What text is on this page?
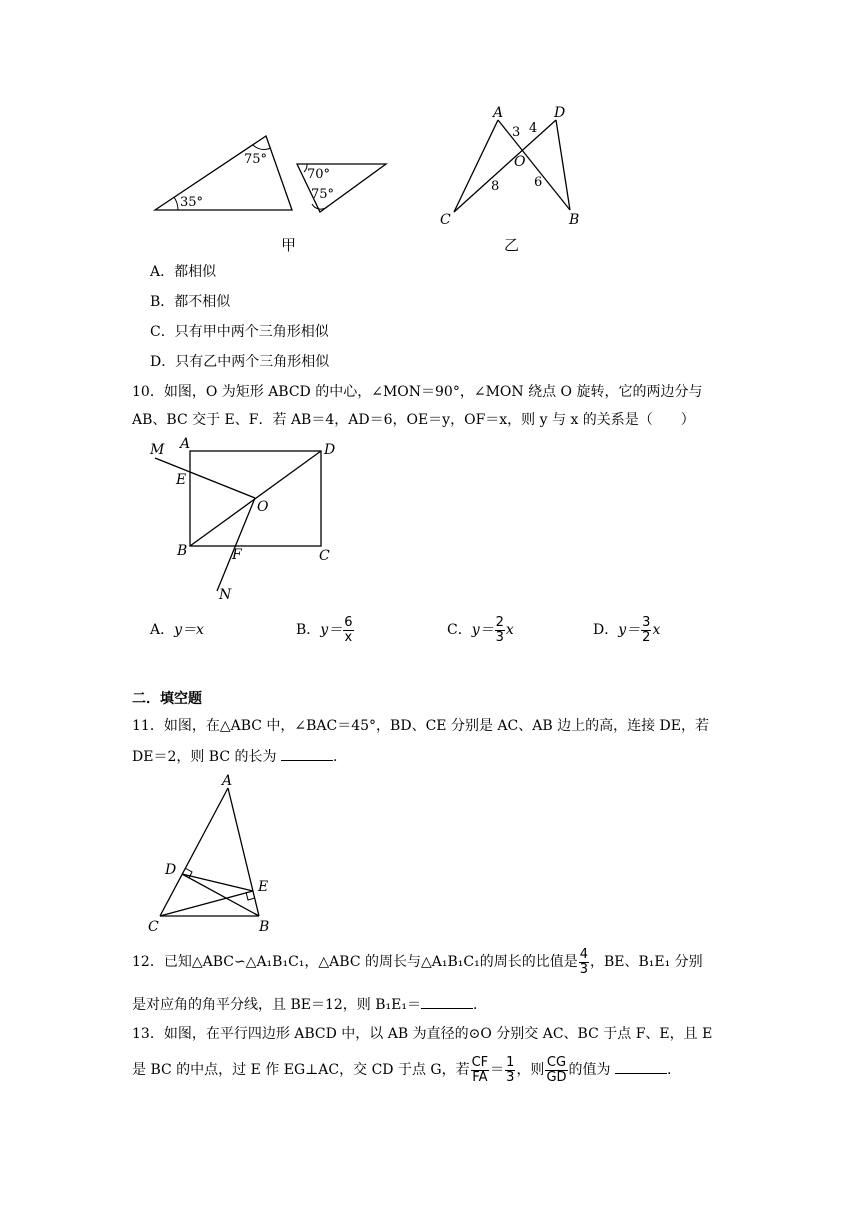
35°
75°
70°
75°
甲
A	D
3 4
O
8	6
C	B
乙
A．都相似
B．都不相似
C．只有甲中两个三角形相似
D．只有乙中两个三角形相似
10．如图，O 为矩形 ABCD 的中心，∠MON＝90°，∠MON 绕点 O 旋转，它的两边分与
AB、BC 交于 E、F．若 AB＝4，AD＝6，OE＝y，OF＝x，则 y 与 x 的关系是（　　）
M A	D
E
O
B	F	C
N
A．y＝x	B．$y= \frac{6}{x}$	C．$y= \frac{2}{3}$ x	D．$y= \frac{3}{2}$ x
二．填空题
11．如图，在△ABC 中，∠BAC＝45°，BD、CE 分别是 AC、AB 边上的高，连接 DE，若
DE＝2，则 BC 的长为	.
A
D
E
C	B
12．已知△ABC∽△A₁B₁C₁，△ABC 的周长与△A₁B₁C₁的周长的比值是 $\frac{4}{3}$ ，BE、B₁E₁ 分别
是对应角的角平分线，且 BE＝12，则 B₁E₁＝	．
13．如图，在平行四边形 ABCD 中，以 AB 为直径的⊙O 分别交 AC、BC 于点 F、E，且 E
是 BC 的中点，过 E 作 EG⊥AC，交 CD 于点 G，若 $\frac{CF}{FA} = \frac{1}{3}$ ，则 $\frac{CG}{GD}$ 的值为	.
